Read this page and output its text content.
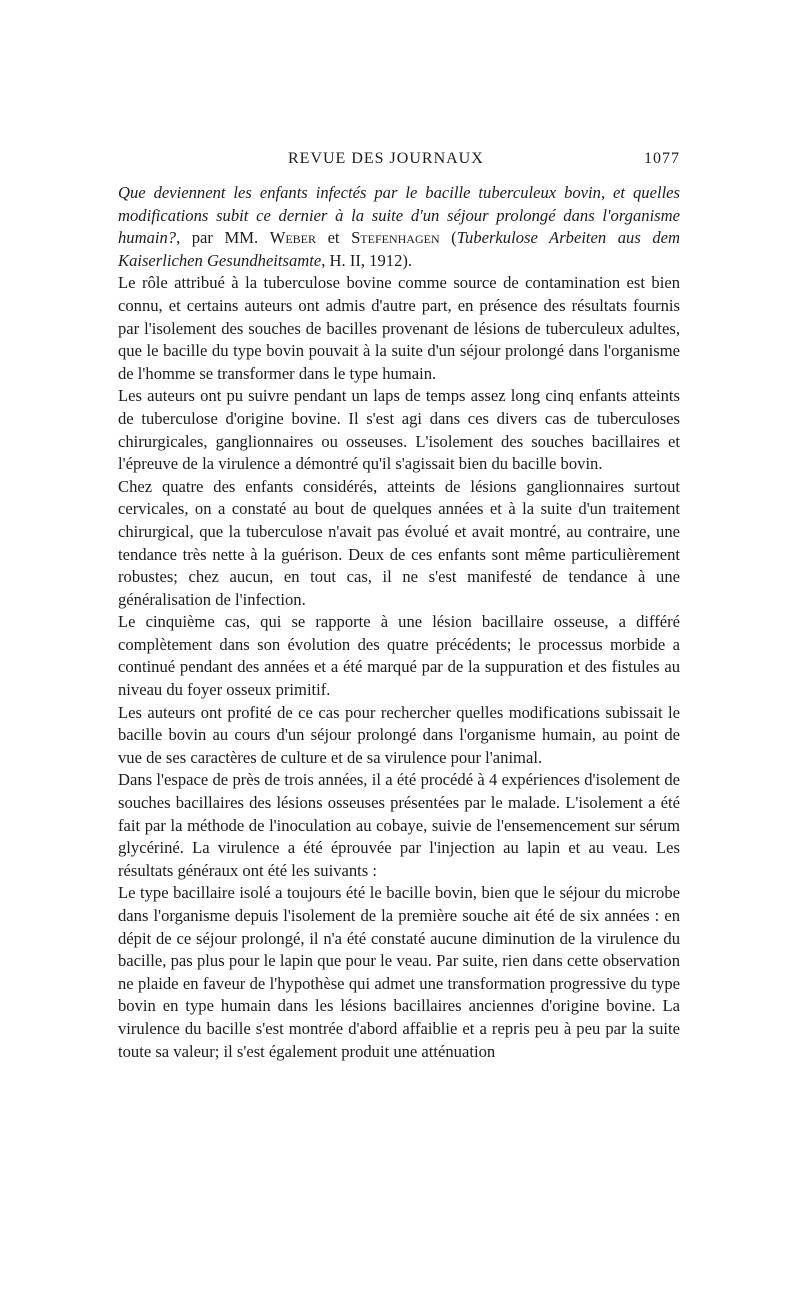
REVUE DES JOURNAUX	1077

Que deviennent les enfants infectés par le bacille tuberculeux bovin, et quelles modifications subit ce dernier à la suite d'un séjour prolongé dans l'organisme humain?, par MM. Weber et Stefenhagen (Tuberkulose Arbeiten aus dem Kaiserlichen Gesundheitsamte, H. II, 1912).

Le rôle attribué à la tuberculose bovine comme source de contamination est bien connu, et certains auteurs ont admis d'autre part, en présence des résultats fournis par l'isolement des souches de bacilles provenant de lésions de tuberculeux adultes, que le bacille du type bovin pouvait à la suite d'un séjour prolongé dans l'organisme de l'homme se transformer dans le type humain.

Les auteurs ont pu suivre pendant un laps de temps assez long cinq enfants atteints de tuberculose d'origine bovine. Il s'est agi dans ces divers cas de tuberculoses chirurgicales, ganglionnaires ou osseuses. L'isolement des souches bacillaires et l'épreuve de la virulence a démontré qu'il s'agissait bien du bacille bovin.

Chez quatre des enfants considérés, atteints de lésions ganglionnaires surtout cervicales, on a constaté au bout de quelques années et à la suite d'un traitement chirurgical, que la tuberculose n'avait pas évolué et avait montré, au contraire, une tendance très nette à la guérison. Deux de ces enfants sont même particulièrement robustes; chez aucun, en tout cas, il ne s'est manifesté de tendance à une généralisation de l'infection.

Le cinquième cas, qui se rapporte à une lésion bacillaire osseuse, a différé complètement dans son évolution des quatre précédents; le processus morbide a continué pendant des années et a été marqué par de la suppuration et des fistules au niveau du foyer osseux primitif.

Les auteurs ont profité de ce cas pour rechercher quelles modifications subissait le bacille bovin au cours d'un séjour prolongé dans l'organisme humain, au point de vue de ses caractères de culture et de sa virulence pour l'animal.

Dans l'espace de près de trois années, il a été procédé à 4 expériences d'isolement de souches bacillaires des lésions osseuses présentées par le malade. L'isolement a été fait par la méthode de l'inoculation au cobaye, suivie de l'ensemencement sur sérum glycériné. La virulence a été éprouvée par l'injection au lapin et au veau. Les résultats généraux ont été les suivants :

Le type bacillaire isolé a toujours été le bacille bovin, bien que le séjour du microbe dans l'organisme depuis l'isolement de la première souche ait été de six années : en dépit de ce séjour prolongé, il n'a été constaté aucune diminution de la virulence du bacille, pas plus pour le lapin que pour le veau. Par suite, rien dans cette observation ne plaide en faveur de l'hypothèse qui admet une transformation progressive du type bovin en type humain dans les lésions bacillaires anciennes d'origine bovine. La virulence du bacille s'est montrée d'abord affaiblie et a repris peu à peu par la suite toute sa valeur; il s'est également produit une atténuation
